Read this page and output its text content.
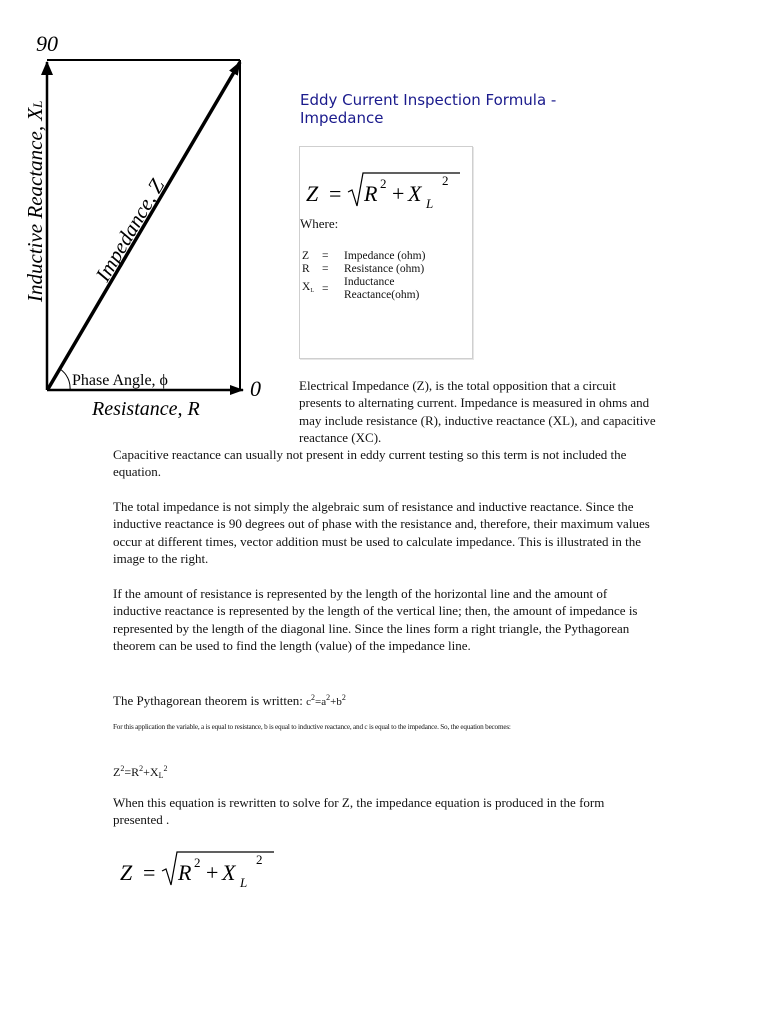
90
0
Inductive Reactance, XL
Resistance, R
Impedance, Z
Phase Angle, ϕ
Eddy Current Inspection Formula - Impedance
Z = R 2 + X L
2
Where:
Z	=	Impedance (ohm)
R	=	Resistance (ohm)
$X_L$	=	Inductance Reactance(ohm)
Electrical Impedance (Z), is the total opposition that a circuit presents to alternating current. Impedance is measured in ohms and may include resistance (R), inductive reactance (XL), and capacitive reactance (XC).
Capacitive reactance can usually not present in eddy current testing so this term is not included the equation.
The total impedance is not simply the algebraic sum of resistance and inductive reactance. Since the inductive reactance is 90 degrees out of phase with the resistance and, therefore, their maximum values occur at different times, vector addition must be used to calculate impedance. This is illustrated in the image to the right.
If the amount of resistance is represented by the length of the horizontal line and the amount of inductive reactance is represented by the length of the vertical line; then, the amount of impedance is represented by the length of the diagonal line. Since the lines form a right triangle, the Pythagorean theorem can be used to find the length (value) of the impedance line.
The Pythagorean theorem is written: $c^2=a^2+b^2$
For this application the variable, a is equal to resistance, b is equal to inductive reactance, and c is equal to the impedance. So, the equation becomes:
$Z^2=R^2+X_L^2$
When this equation is rewritten to solve for Z, the impedance equation is produced in the form presented .
Z = R 2 + X L
2
